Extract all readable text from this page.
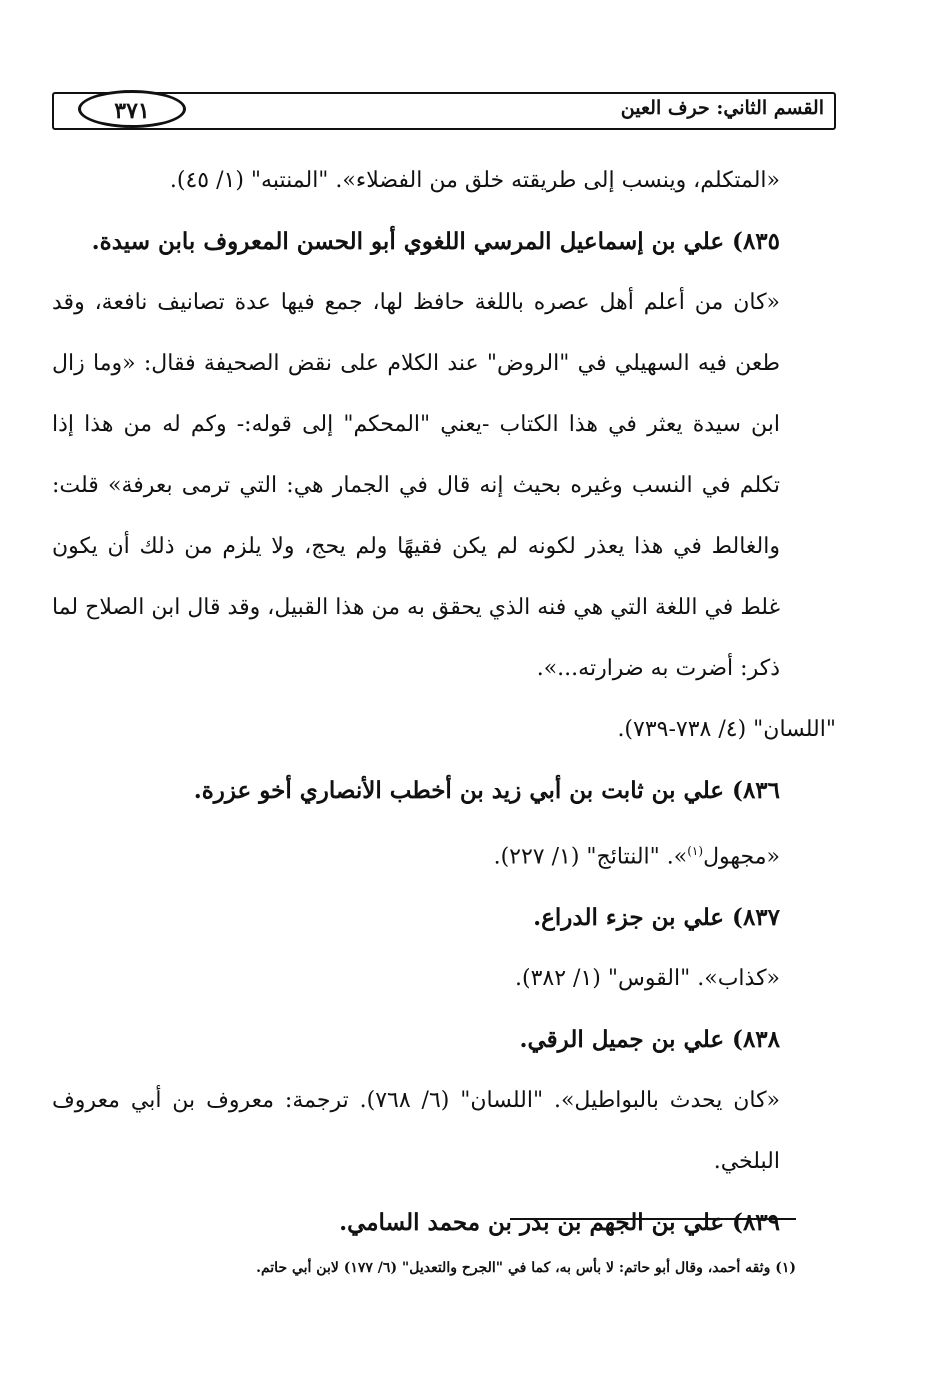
القسم الثاني: حرف العين
٣٧١

«المتكلم، وينسب إلى طريقته خلق من الفضلاء». "المنتبه" (١/ ٤٥).

٨٣٥) علي بن إسماعيل المرسي اللغوي أبو الحسن المعروف بابن سيدة.

«كان من أعلم أهل عصره باللغة حافظ لها، جمع فيها عدة تصانيف نافعة، وقد طعن فيه السهيلي في "الروض" عند الكلام على نقض الصحيفة فقال: «وما زال ابن سيدة يعثر في هذا الكتاب -يعني "المحكم" إلى قوله:- وكم له من هذا إذا تكلم في النسب وغيره بحيث إنه قال في الجمار هي: التي ترمى بعرفة» قلت: والغالط في هذا يعذر لكونه لم يكن فقيهًا ولم يحج، ولا يلزم من ذلك أن يكون غلط في اللغة التي هي فنه الذي يحقق به من هذا القبيل، وقد قال ابن الصلاح لما ذكر: أضرت به ضرارته...».

"اللسان" (٤/ ٧٣٨-٧٣٩).

٨٣٦) علي بن ثابت بن أبي زيد بن أخطب الأنصاري أخو عزرة.

«مجهول$^{(١)}$». "النتائج" (١/ ٢٢٧).

٨٣٧) علي بن جزء الدراع.

«كذاب». "القوس" (١/ ٣٨٢).

٨٣٨) علي بن جميل الرقي.

«كان يحدث بالبواطيل». "اللسان" (٦/ ٧٦٨). ترجمة: معروف بن أبي معروف البلخي.

٨٣٩) علي بن الجهم بن بدر بن محمد السامي.

(١) وثقه أحمد، وقال أبو حاتم: لا بأس به، كما في "الجرح والتعديل" (٦/ ١٧٧) لابن أبي حاتم.
